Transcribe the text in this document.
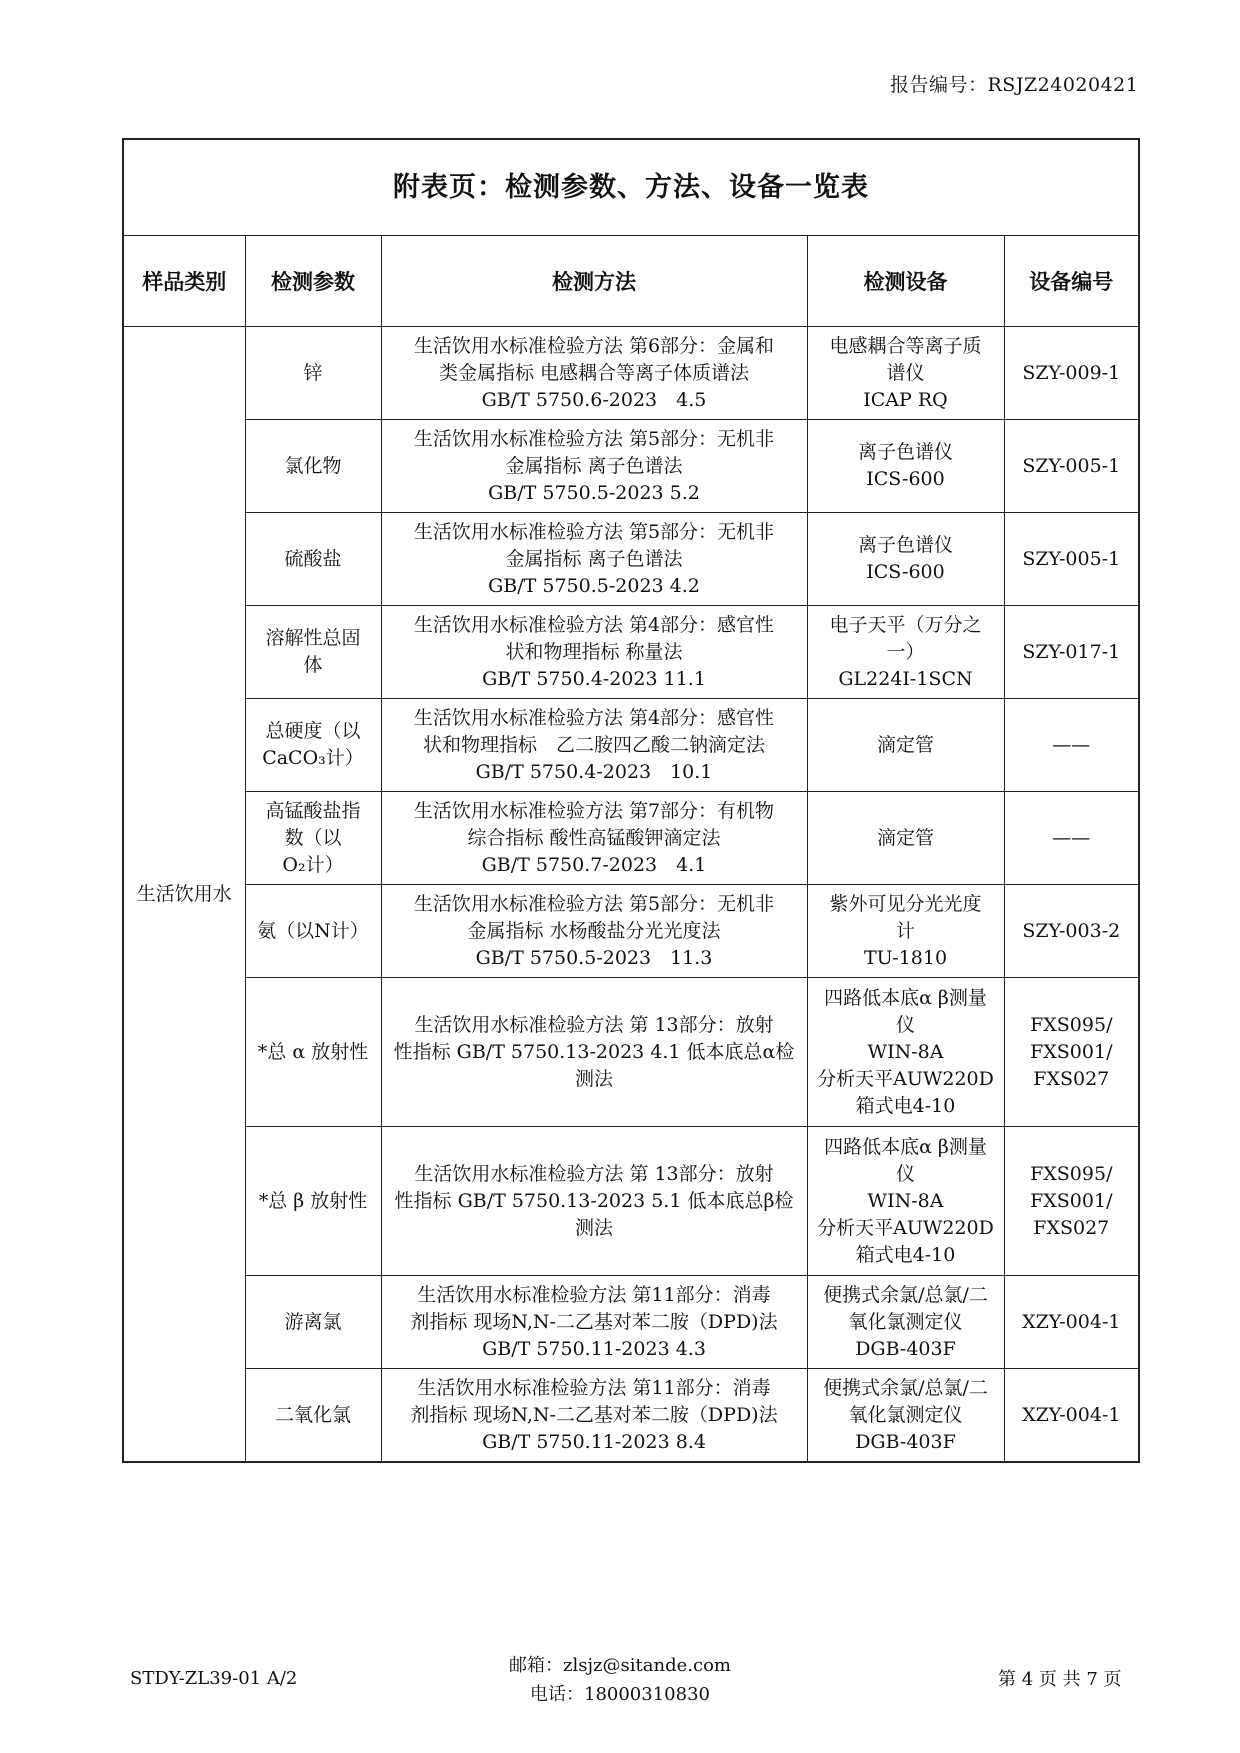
报告编号：RSJZ24020421
附表页：检测参数、方法、设备一览表				
样品类别	检测参数	检测方法	检测设备	设备编号
生活饮用水	锌	生活饮用水标准检验方法 第6部分：金属和
类金属指标 电感耦合等离子体质谱法
GB/T 5750.6-2023　4.5	电感耦合等离子质
谱仪
ICAP RQ	SZY-009-1

	氯化物	生活饮用水标准检验方法 第5部分：无机非
金属指标 离子色谱法
GB/T 5750.5-2023 5.2	离子色谱仪
ICS-600	SZY-005-1

	硫酸盐	生活饮用水标准检验方法 第5部分：无机非
金属指标 离子色谱法
GB/T 5750.5-2023 4.2	离子色谱仪
ICS-600	SZY-005-1

	溶解性总固
体	生活饮用水标准检验方法 第4部分：感官性
状和物理指标 称量法
GB/T 5750.4-2023 11.1	电子天平（万分之
一）
GL224I-1SCN	SZY-017-1

	总硬度（以
CaCO₃计）	生活饮用水标准检验方法 第4部分：感官性
状和物理指标　乙二胺四乙酸二钠滴定法
GB/T 5750.4-2023　10.1	滴定管	——

	高锰酸盐指
数（以
O₂计）	生活饮用水标准检验方法 第7部分：有机物
综合指标 酸性高锰酸钾滴定法
GB/T 5750.7-2023　4.1	滴定管	——

	氨（以N计）	生活饮用水标准检验方法 第5部分：无机非
金属指标 水杨酸盐分光光度法
GB/T 5750.5-2023　11.3	紫外可见分光光度
计
TU-1810	SZY-003-2

	*总 α 放射性	生活饮用水标准检验方法 第 13部分：放射
性指标 GB/T 5750.13-2023 4.1 低本底总α检
测法	四路低本底α β测量
仪
WIN-8A
分析天平AUW220D
箱式电4-10	FXS095/
FXS001/
FXS027

	*总 β 放射性	生活饮用水标准检验方法 第 13部分：放射
性指标 GB/T 5750.13-2023 5.1 低本底总β检
测法	四路低本底α β测量
仪
WIN-8A
分析天平AUW220D
箱式电4-10	FXS095/
FXS001/
FXS027

	游离氯	生活饮用水标准检验方法 第11部分：消毒
剂指标 现场N,N-二乙基对苯二胺（DPD)法
GB/T 5750.11-2023 4.3	便携式余氯/总氯/二
氧化氯测定仪
DGB-403F	XZY-004-1

	二氧化氯	生活饮用水标准检验方法 第11部分：消毒
剂指标 现场N,N-二乙基对苯二胺（DPD)法
GB/T 5750.11-2023 8.4	便携式余氯/总氯/二
氧化氯测定仪
DGB-403F	XZY-004-1
STDY-ZL39-01 A/2
邮箱：zlsjz@sitande.com
电话：18000310830
第 4 页 共 7 页
